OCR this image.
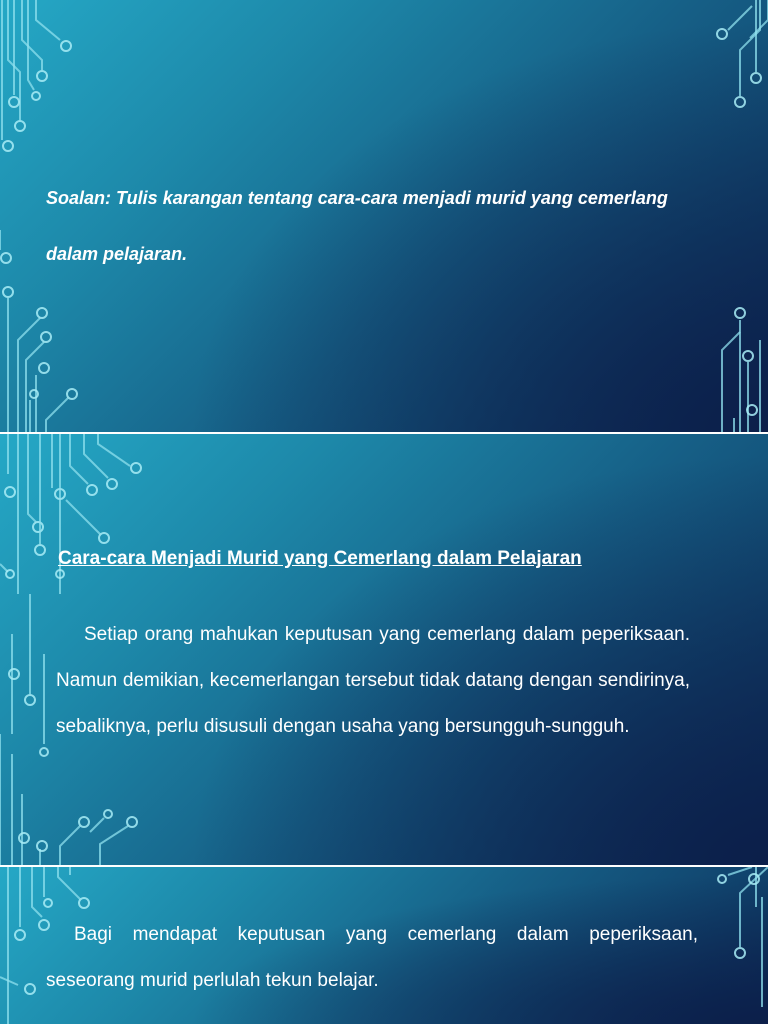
Soalan: Tulis karangan tentang cara-cara menjadi murid yang cemerlang dalam pelajaran.

Cara-cara Menjadi Murid yang Cemerlang dalam Pelajaran

Setiap orang mahukan keputusan yang cemerlang dalam peperiksaan. Namun demikian, kecemerlangan tersebut tidak datang dengan sendirinya, sebaliknya, perlu disusuli dengan usaha yang bersungguh-sungguh.

Bagi mendapat keputusan yang cemerlang dalam peperiksaan, seseorang murid perlulah tekun belajar.
